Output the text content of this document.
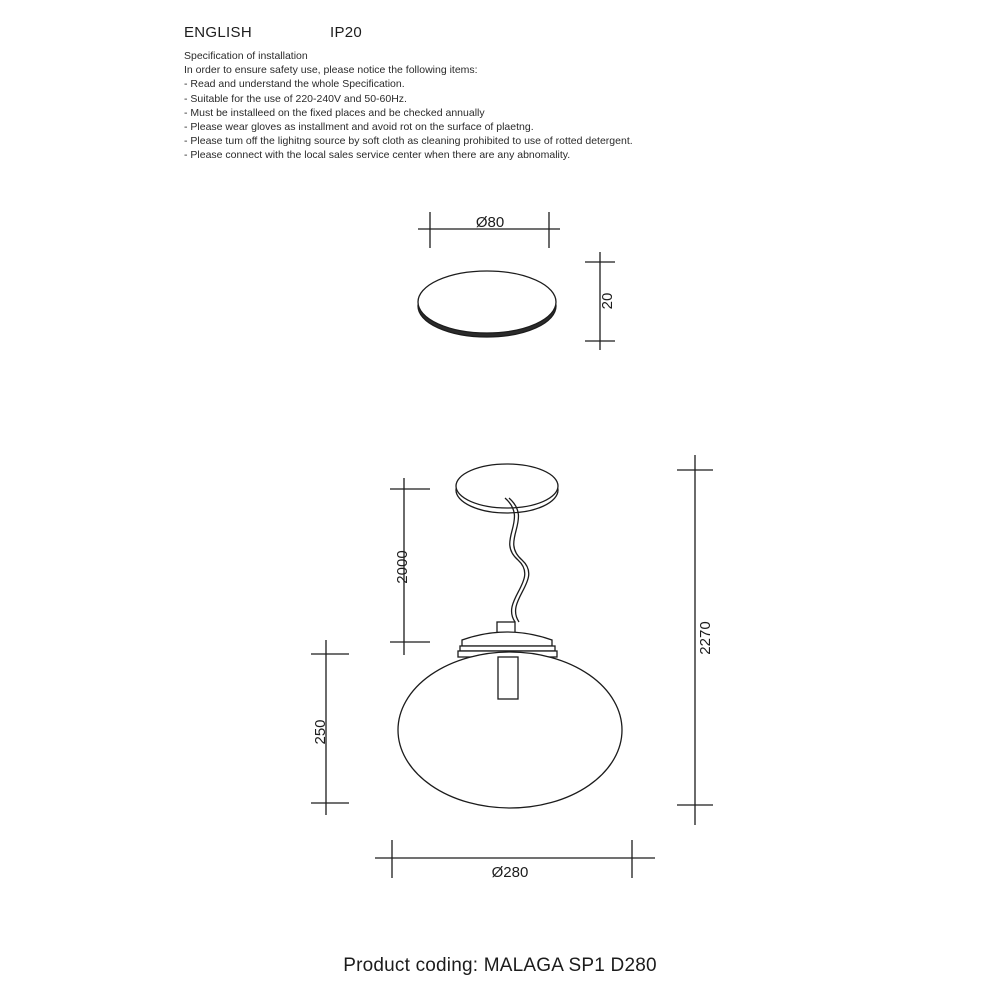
ENGLISH	IP20
Specification of installation
In order to ensure safety use, please notice the following items:
- Read and understand the whole Specification.
- Suitable for the use of 220-240V and 50-60Hz.
- Must be installeed on the fixed places and be checked annually
- Please wear gloves as installment and avoid rot on the surface of plaetng.
- Please tum off the lighitng source by soft cloth as cleaning prohibited to use of rotted detergent.
- Please connect with the local sales service center when there are any abnomality.
Ø80
20
2000
2270
250
Ø280
Product coding: MALAGA SP1 D280
